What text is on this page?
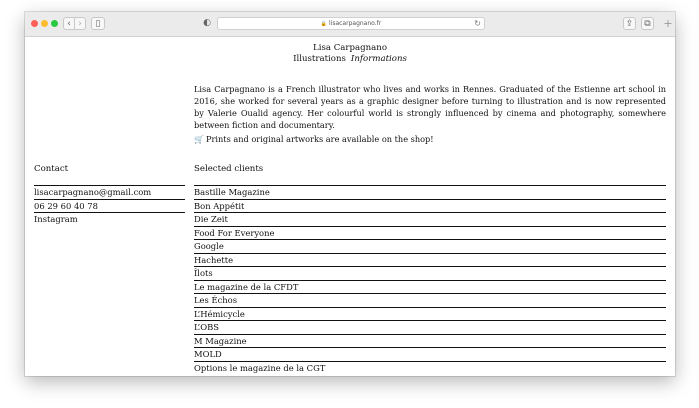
‹ ›	▯	◐	🔒 lisacarpagnano.fr	↻	⇪	⧉ +
Lisa Carpagnano
Illustrations Informations
Lisa Carpagnano is a French illustrator who lives and works in Rennes. Graduated of the Estienne art school in 2016, she worked for several years as a graphic designer before turning to illustration and is now represented by Valerie Oualid agency. Her colourful world is strongly influenced by cinema and photography, somewhere between fiction and documentary.
🛒 Prints and original artworks are available on the shop!
Contact	Selected clients
lisacarpagnano@gmail.com
06 29 60 40 78
Instagram
Bastille Magazine
Bon Appétit
Die Zeit
Food For Everyone
Google
Hachette
Îlots
Le magazine de la CFDT
Les Échos
L’Hémicycle
L’OBS
M Magazine
MOLD
Options le magazine de la CGT
